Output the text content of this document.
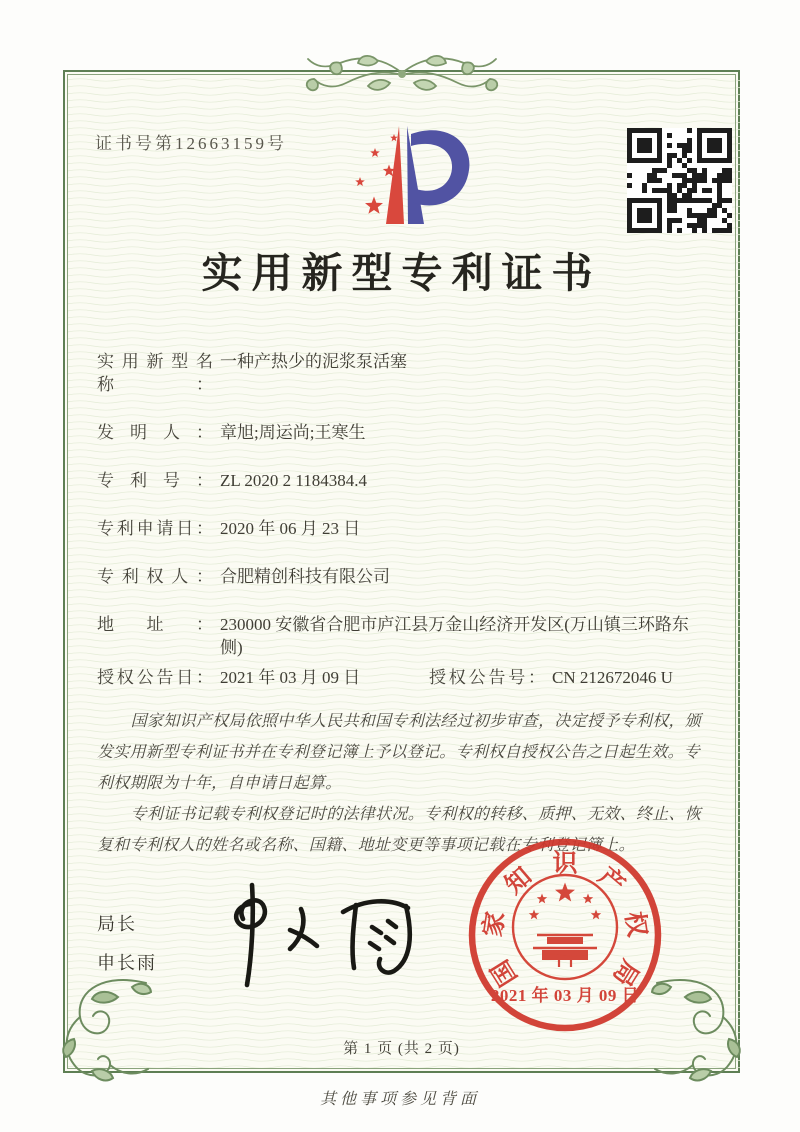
证书号第12663159号
实用新型专利证书
实用新型名称：
一种产热少的泥浆泵活塞
发明人： 章旭;周运尚;王寒生
专利号： ZL 2020 2 1184384.4
专利申请日： 2020 年 06 月 23 日
专利权人： 合肥精创科技有限公司
地址： 230000 安徽省合肥市庐江县万金山经济开发区(万山镇三环路东侧)
授权公告日： 2021 年 03 月 09 日	授权公告号： CN 212672046 U

国家知识产权局依照中华人民共和国专利法经过初步审查，决定授予专利权，颁发实用新型专利证书并在专利登记簿上予以登记。专利权自授权公告之日起生效。专利权期限为十年，自申请日起算。

专利证书记载专利权登记时的法律状况。专利权的转移、质押、无效、终止、恢复和专利权人的姓名或名称、国籍、地址变更等事项记载在专利登记簿上。

局长
申长雨	国
家
知 识 产
权
局
2021 年 03 月 09 日
第 1 页 (共 2 页)
其他事项参见背面
